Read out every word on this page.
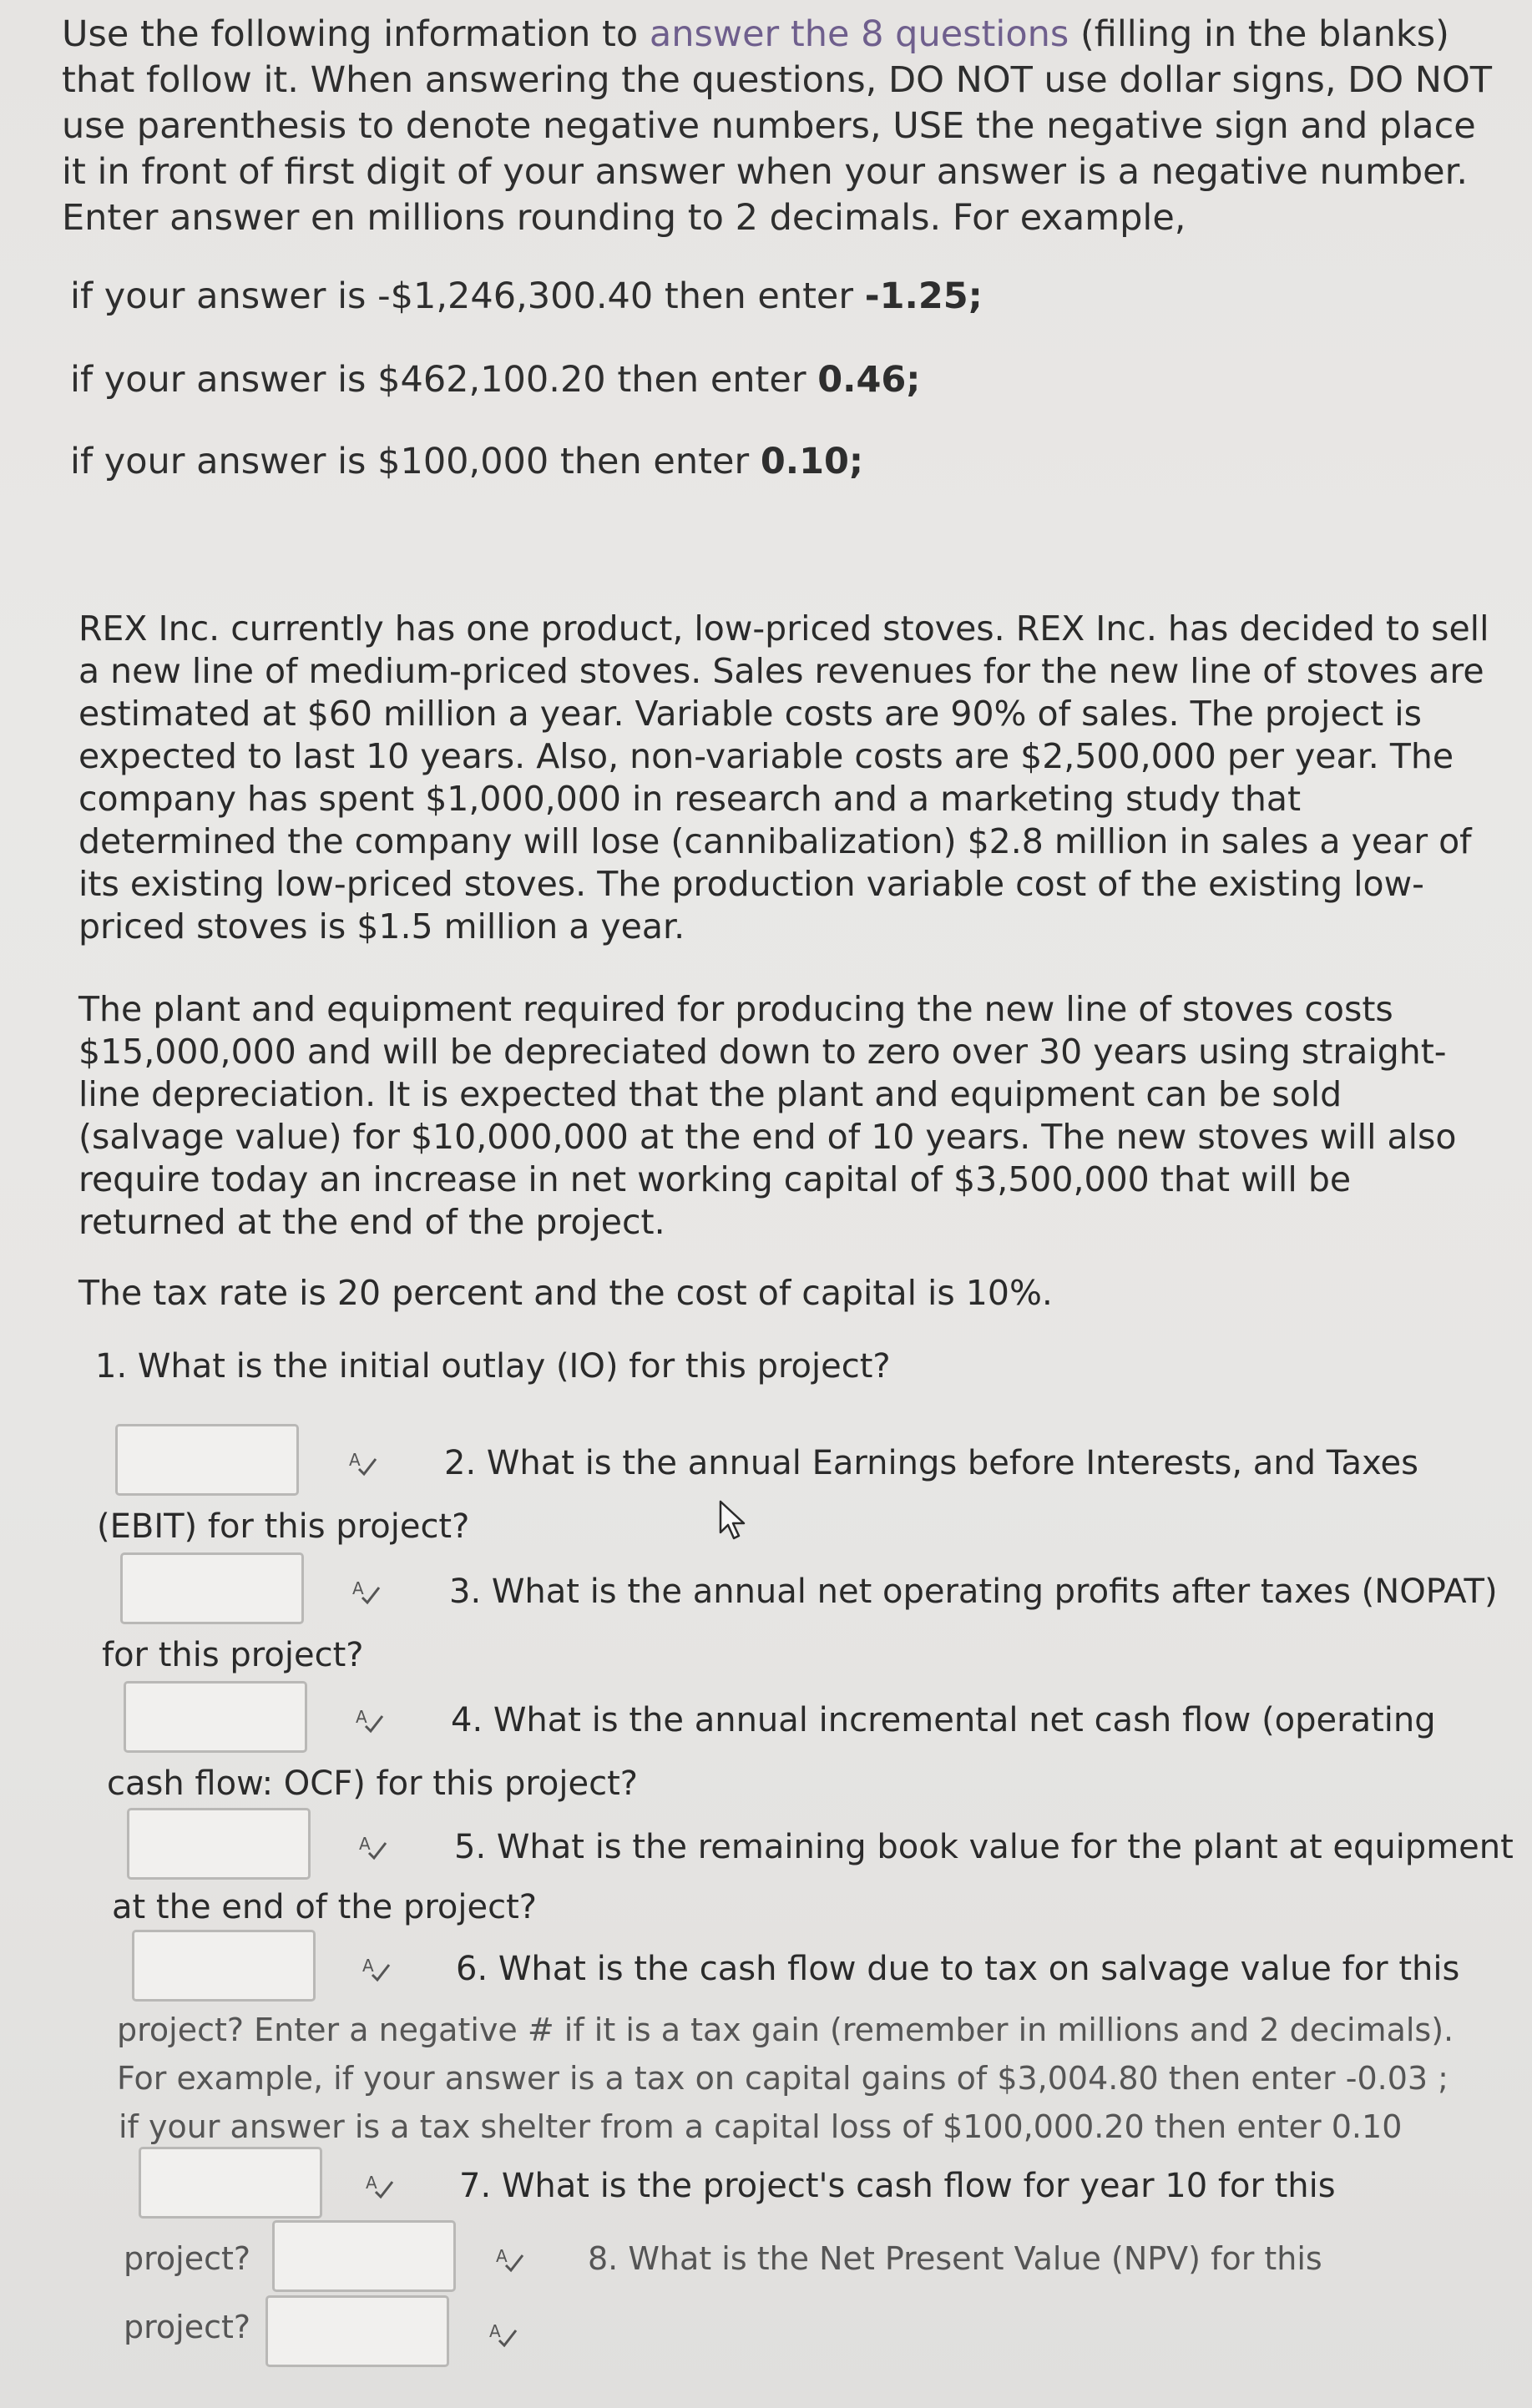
Use the following information to answer the 8 questions (filling in the blanks) that follow it. When answering the questions, DO NOT use dollar signs, DO NOT use parenthesis to denote negative numbers, USE the negative sign and place it in front of first digit of your answer when your answer is a negative number. Enter answer en millions rounding to 2 decimals. For example,
if your answer is -$1,246,300.40 then enter -1.25;
if your answer is $462,100.20 then enter 0.46;
if your answer is $100,000 then enter 0.10;
REX Inc. currently has one product, low-priced stoves. REX Inc. has decided to sell a new line of medium-priced stoves. Sales revenues for the new line of stoves are estimated at $60 million a year. Variable costs are 90% of sales. The project is expected to last 10 years. Also, non-variable costs are $2,500,000 per year. The company has spent $1,000,000 in research and a marketing study that determined the company will lose (cannibalization) $2.8 million in sales a year of its existing low-priced stoves. The production variable cost of the existing low-priced stoves is $1.5 million a year.
The plant and equipment required for producing the new line of stoves costs $15,000,000 and will be depreciated down to zero over 30 years using straight-line depreciation. It is expected that the plant and equipment can be sold (salvage value) for $10,000,000 at the end of 10 years. The new stoves will also require today an increase in net working capital of $3,500,000 that will be returned at the end of the project.
The tax rate is 20 percent and the cost of capital is 10%.
1. What is the initial outlay (IO) for this project?
A	2. What is the annual Earnings before Interests, and Taxes
(EBIT) for this project?
A	3. What is the annual net operating profits after taxes (NOPAT)
for this project?
A	4. What is the annual incremental net cash flow (operating
cash flow: OCF) for this project?
A	5. What is the remaining book value for the plant at equipment
at the end of the project?
A 6. What is the cash flow due to tax on salvage value for this
project? Enter a negative # if it is a tax gain (remember in millions and 2 decimals).
For example, if your answer is a tax on capital gains of $3,004.80 then enter -0.03 ;
if your answer is a tax shelter from a capital loss of $100,000.20 then enter 0.10
A 7. What is the project's cash flow for year 10 for this
project?	A	8. What is the Net Present Value (NPV) for this
project?	A
